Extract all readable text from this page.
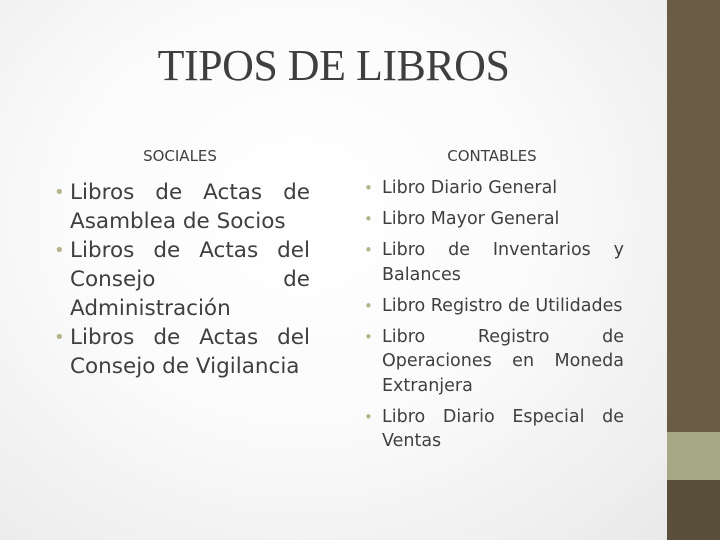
TIPOS DE LIBROS
SOCIALES	CONTABLES
• Libros de Actas de Asamblea de Socios
• Libros de Actas del Consejo de Administración
• Libros de Actas del Consejo de Vigilancia
• Libro Diario General
• Libro Mayor General
• Libro de Inventarios y Balances
• Libro Registro de Utilidades
• Libro Registro de Operaciones en Moneda Extranjera
• Libro Diario Especial de Ventas
